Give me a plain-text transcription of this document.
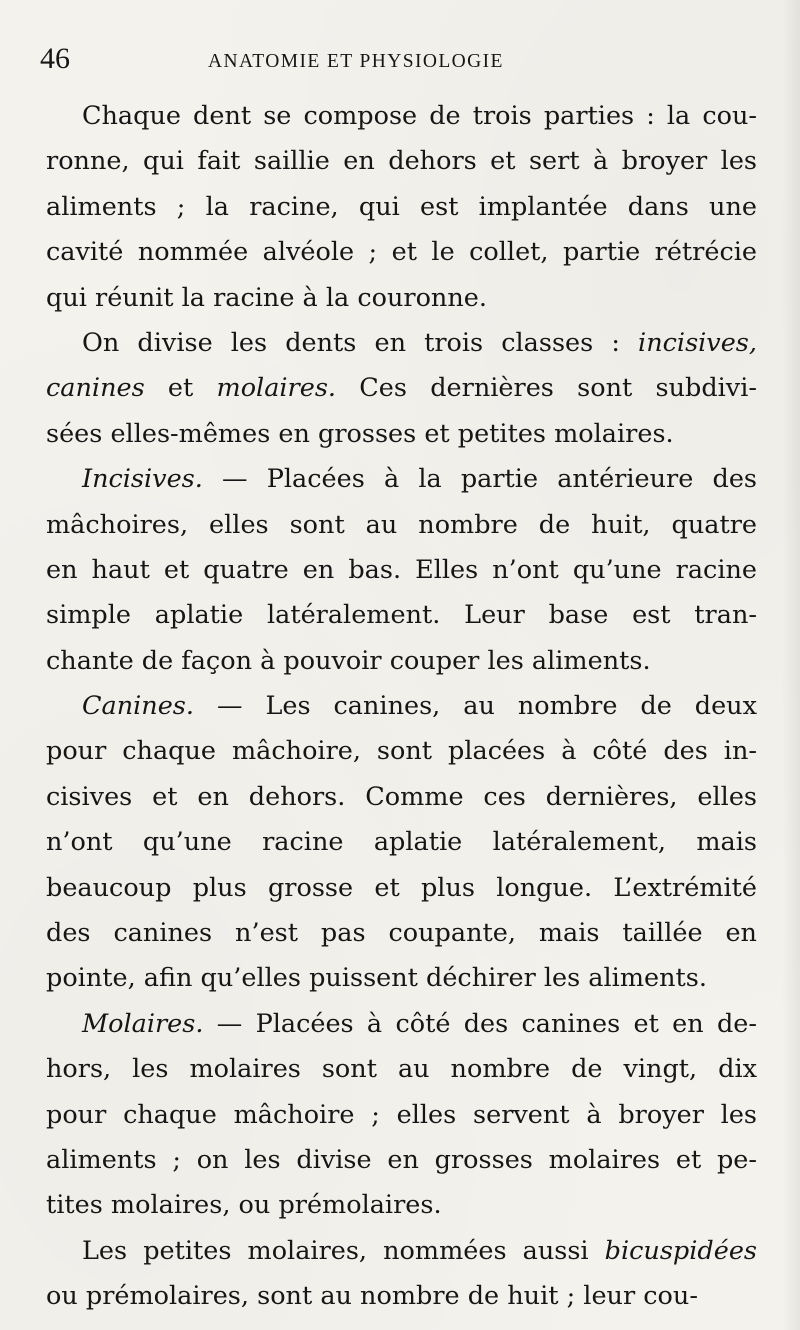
46	ANATOMIE ET PHYSIOLOGIE

Chaque dent se compose de trois parties : la cou-
ronne, qui fait saillie en dehors et sert à broyer les
aliments ; la racine, qui est implantée dans une
cavité nommée alvéole ; et le collet, partie rétrécie
qui réunit la racine à la couronne.

On divise les dents en trois classes : incisives,
canines et molaires. Ces dernières sont subdivi-
sées elles-mêmes en grosses et petites molaires.

Incisives. — Placées à la partie antérieure des
mâchoires, elles sont au nombre de huit, quatre
en haut et quatre en bas. Elles n’ont qu’une racine
simple aplatie latéralement. Leur base est tran-
chante de façon à pouvoir couper les aliments.

Canines. — Les canines, au nombre de deux
pour chaque mâchoire, sont placées à côté des in-
cisives et en dehors. Comme ces dernières, elles
n’ont qu’une racine aplatie latéralement, mais
beaucoup plus grosse et plus longue. L’extrémité
des canines n’est pas coupante, mais taillée en
pointe, afin qu’elles puissent déchirer les aliments.

Molaires. — Placées à côté des canines et en de-
hors, les molaires sont au nombre de vingt, dix
pour chaque mâchoire ; elles servent à broyer les
aliments ; on les divise en grosses molaires et pe-
tites molaires, ou prémolaires.

Les petites molaires, nommées aussi bicuspidées
ou prémolaires, sont au nombre de huit ; leur cou-
